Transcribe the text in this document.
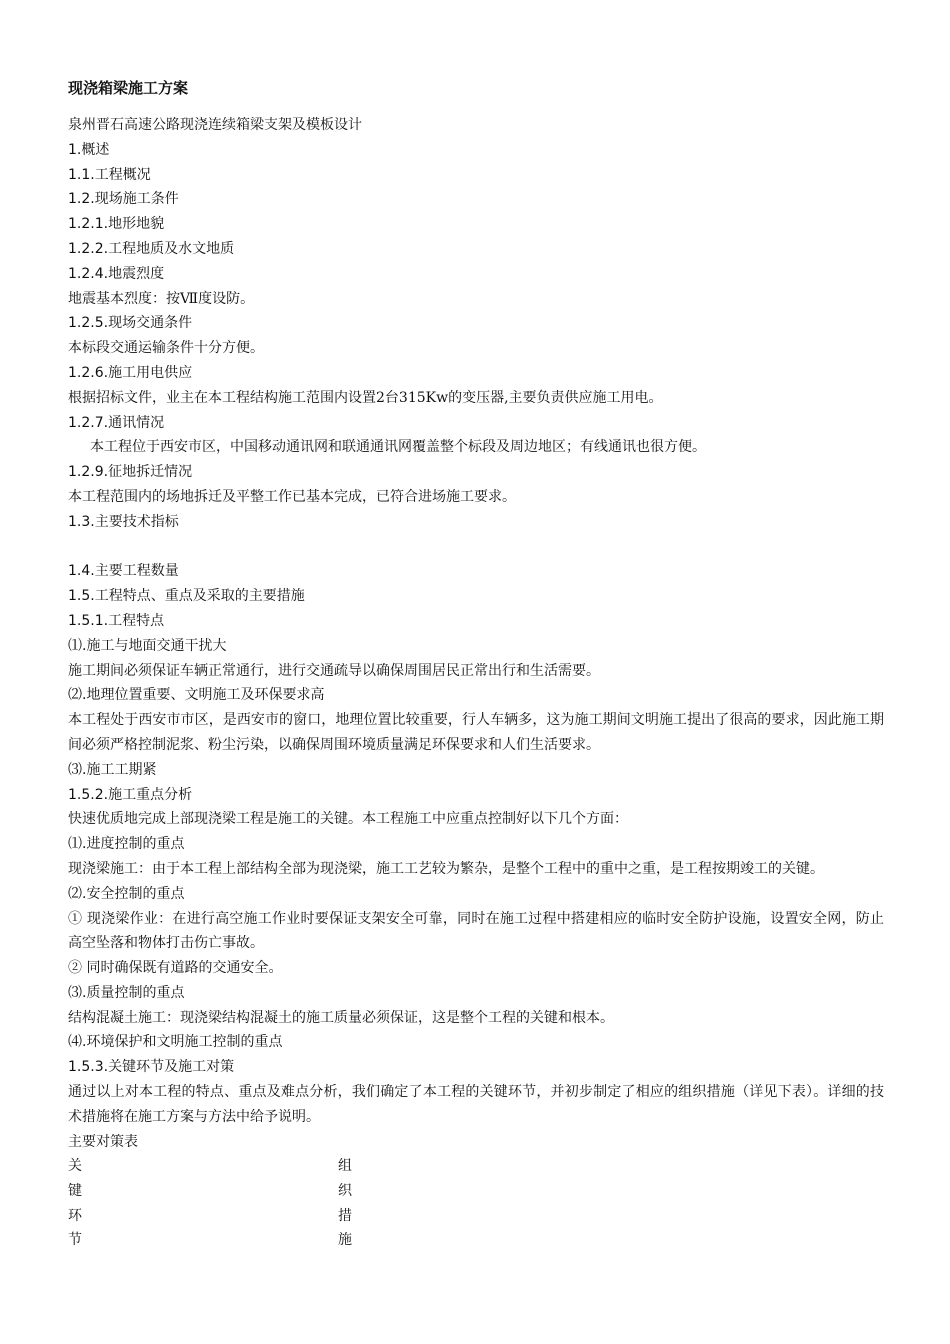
现浇箱梁施工方案
泉州晋石高速公路现浇连续箱梁支架及模板设计
1.概述
1.1.工程概况
1.2.现场施工条件
1.2.1.地形地貌
1.2.2.工程地质及水文地质
1.2.4.地震烈度
地震基本烈度：按Ⅶ度设防。
1.2.5.现场交通条件
本标段交通运输条件十分方便。
1.2.6.施工用电供应
根据招标文件，业主在本工程结构施工范围内设置2台315Kw的变压器,主要负责供应施工用电。
1.2.7.通讯情况
本工程位于西安市区，中国移动通讯网和联通通讯网覆盖整个标段及周边地区；有线通讯也很方便。
1.2.9.征地拆迁情况
本工程范围内的场地拆迁及平整工作已基本完成，已符合进场施工要求。
1.3.主要技术指标
1.4.主要工程数量
1.5.工程特点、重点及采取的主要措施
1.5.1.工程特点
⑴.施工与地面交通干扰大
施工期间必须保证车辆正常通行，进行交通疏导以确保周围居民正常出行和生活需要。
⑵.地理位置重要、文明施工及环保要求高
本工程处于西安市市区，是西安市的窗口，地理位置比较重要，行人车辆多，这为施工期间文明施工提出了很高的要求，因此施工期间必须严格控制泥浆、粉尘污染，以确保周围环境质量满足环保要求和人们生活要求。
⑶.施工工期紧
1.5.2.施工重点分析
快速优质地完成上部现浇梁工程是施工的关键。本工程施工中应重点控制好以下几个方面：
⑴.进度控制的重点
现浇梁施工：由于本工程上部结构全部为现浇梁，施工工艺较为繁杂，是整个工程中的重中之重，是工程按期竣工的关键。
⑵.安全控制的重点
① 现浇梁作业：在进行高空施工作业时要保证支架安全可靠，同时在施工过程中搭建相应的临时安全防护设施，设置安全网，防止高空坠落和物体打击伤亡事故。
② 同时确保既有道路的交通安全。
⑶.质量控制的重点
结构混凝土施工：现浇梁结构混凝土的施工质量必须保证，这是整个工程的关键和根本。
⑷.环境保护和文明施工控制的重点
1.5.3.关键环节及施工对策
通过以上对本工程的特点、重点及难点分析，我们确定了本工程的关键环节，并初步制定了相应的组织措施（详见下表）。详细的技术措施将在施工方案与方法中给予说明。
主要对策表
关键环节
组织措施
